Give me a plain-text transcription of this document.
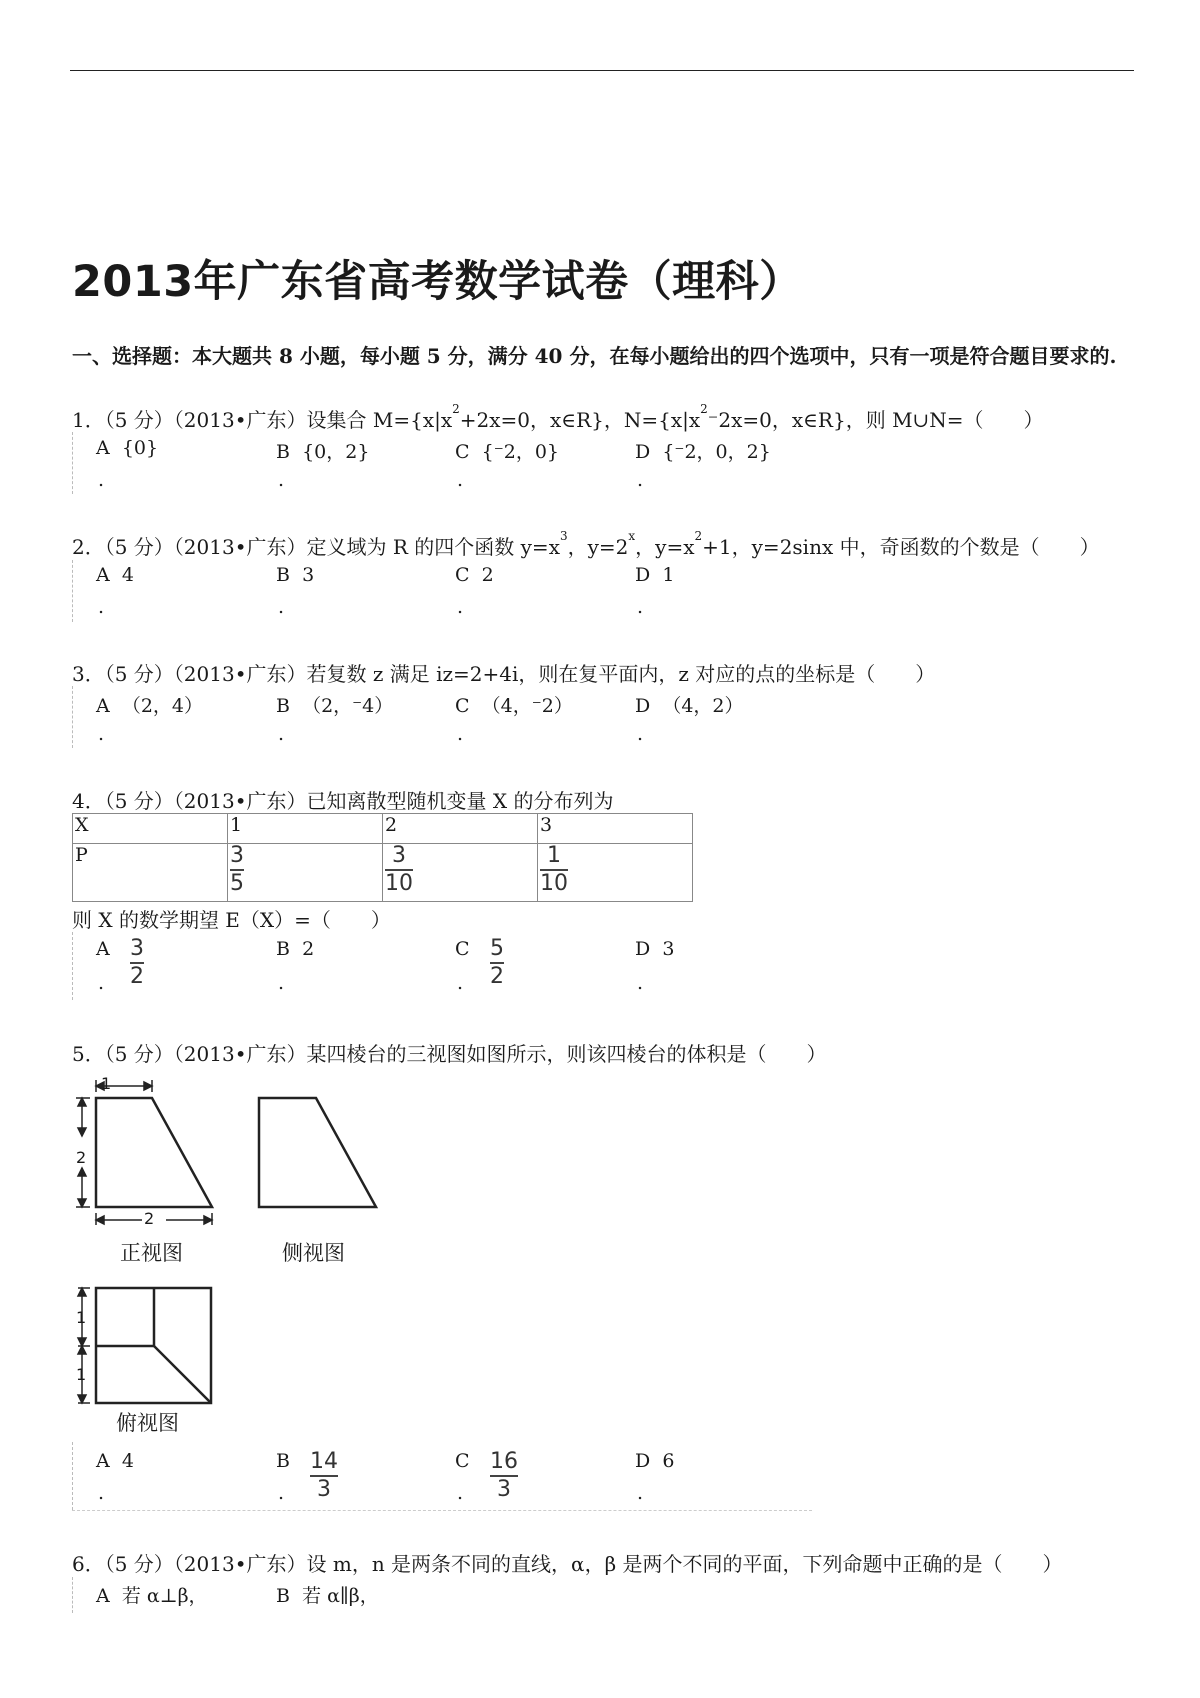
2013年广东省高考数学试卷（理科）
一、选择题：本大题共 8 小题，每小题 5 分，满分 40 分，在每小题给出的四个选项中，只有一项是符合题目要求的.
1．（5 分）（2013•广东）设集合 $M=\{x|x^2+2x=0$，x∈R}，$N=\{x|x^2^-2x=0$，x∈R}，则 M∪N=（　　）
A {0}	B {0，2}	C {⁻2，0}	D {⁻2，0，2}
.	.	.	.
2．（5 分）（2013•广东）定义域为 R 的四个函数 $y=x^3$，$y=2^x$，$y=x^2+1$，y=2sinx 中，奇函数的个数是（　　）
A 4	B 3	C 2	D 1
.	.	.	.
3．（5 分）（2013•广东）若复数 z 满足 iz=2+4i，则在复平面内，z 对应的点的坐标是（　　）
A （2，4）	B （2，⁻4）	C （4，⁻2）	D （4，2）
.	.	.	.
4．（5 分）（2013•广东）已知离散型随机变量 X 的分布列为
X	1	2	3
P	$\frac{3}{5}$	$\frac{3}{10}$	$\frac{1}{10}$
则 X 的数学期望 E（X）=（　　）
A 3
2
B 2	C 5
2
D 3
.	.	.	.
5．（5 分）（2013•广东）某四棱台的三视图如图所示，则该四棱台的体积是（　　）
1
2
2
1
1
正视图	侧视图
俯视图
A 4	B 14
3
C 16
3
D 6
.	.	.	.
6．（5 分）（2013•广东）设 m，n 是两条不同的直线，α，β 是两个不同的平面，下列命题中正确的是（　　）
A 若 α⊥β，	B 若 α∥β，
